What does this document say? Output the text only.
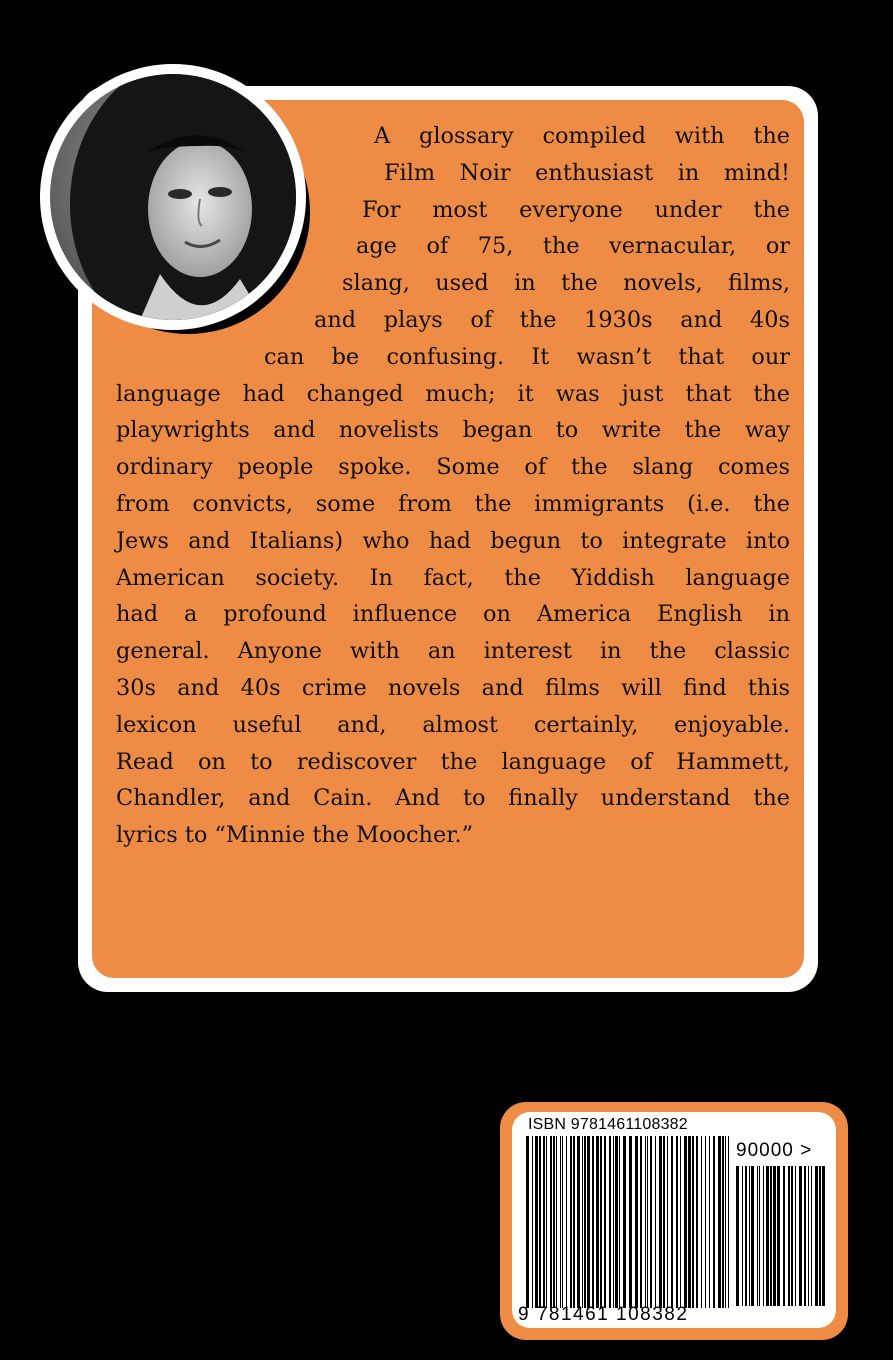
A glossary compiled with the
Film Noir enthusiast in mind!
For most everyone under the
age of 75, the vernacular, or
slang, used in the novels, films,
and plays of the 1930s and 40s
can be confusing. It wasn’t that our
language had changed much; it was just that the
playwrights and novelists began to write the way
ordinary people spoke. Some of the slang comes
from convicts, some from the immigrants (i.e. the
Jews and Italians) who had begun to integrate into
American society. In fact, the Yiddish language
had a profound influence on America English in
general. Anyone with an interest in the classic
30s and 40s crime novels and films will find this
lexicon useful and, almost certainly, enjoyable.
Read on to rediscover the language of Hammett,
Chandler, and Cain. And to finally understand the
lyrics to “Minnie the Moocher.”
ISBN 9781461108382
90000 >
9 781461 108382
